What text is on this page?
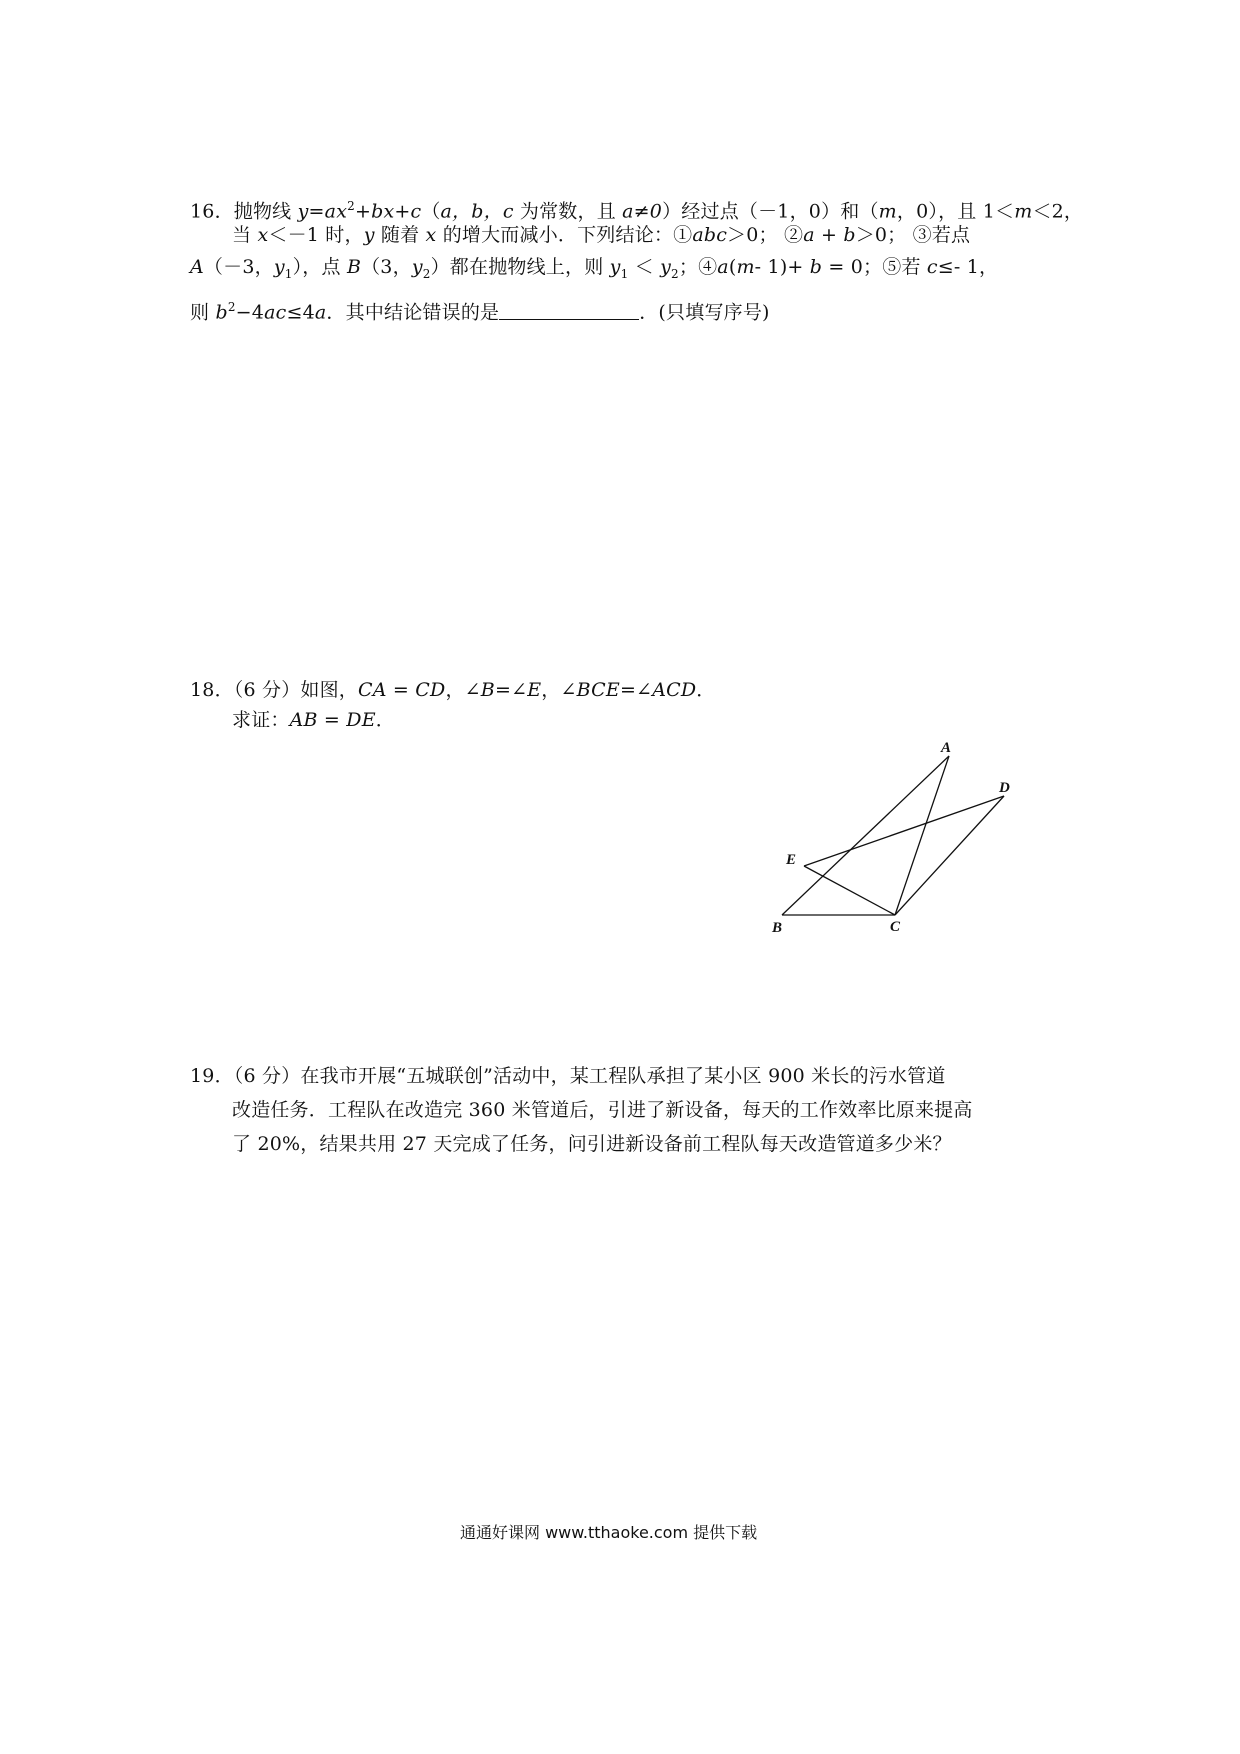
16．抛物线 $y=ax^2+bx+c(a$，b，c 为常数，且 a≠0）经过点（－1，0）和（m，0），且 1＜m＜2，
当 x＜－1 时，y 随着 x 的增大而减小．下列结论：①abc＞0； ②a + b＞0； ③若点
A（－3，$y_1$），点 B（3，$y_2$）都在抛物线上，则 $y_1 < y_2$；④a(m- 1)+ b = 0；⑤若 c≤- 1，
则 $b^2-4ac\le 4a$．其中结论错误的是	．(只填写序号)
18．（6 分）如图，CA = CD，∠B=∠E，∠BCE=∠ACD．
求证：AB = DE．
A
D
E
B	C
19．（6 分）在我市开展“五城联创”活动中，某工程队承担了某小区 900 米长的污水管道
改造任务．工程队在改造完 360 米管道后，引进了新设备，每天的工作效率比原来提高
了 20%，结果共用 27 天完成了任务，问引进新设备前工程队每天改造管道多少米？
通通好课网 www.tthaoke.com 提供下载
